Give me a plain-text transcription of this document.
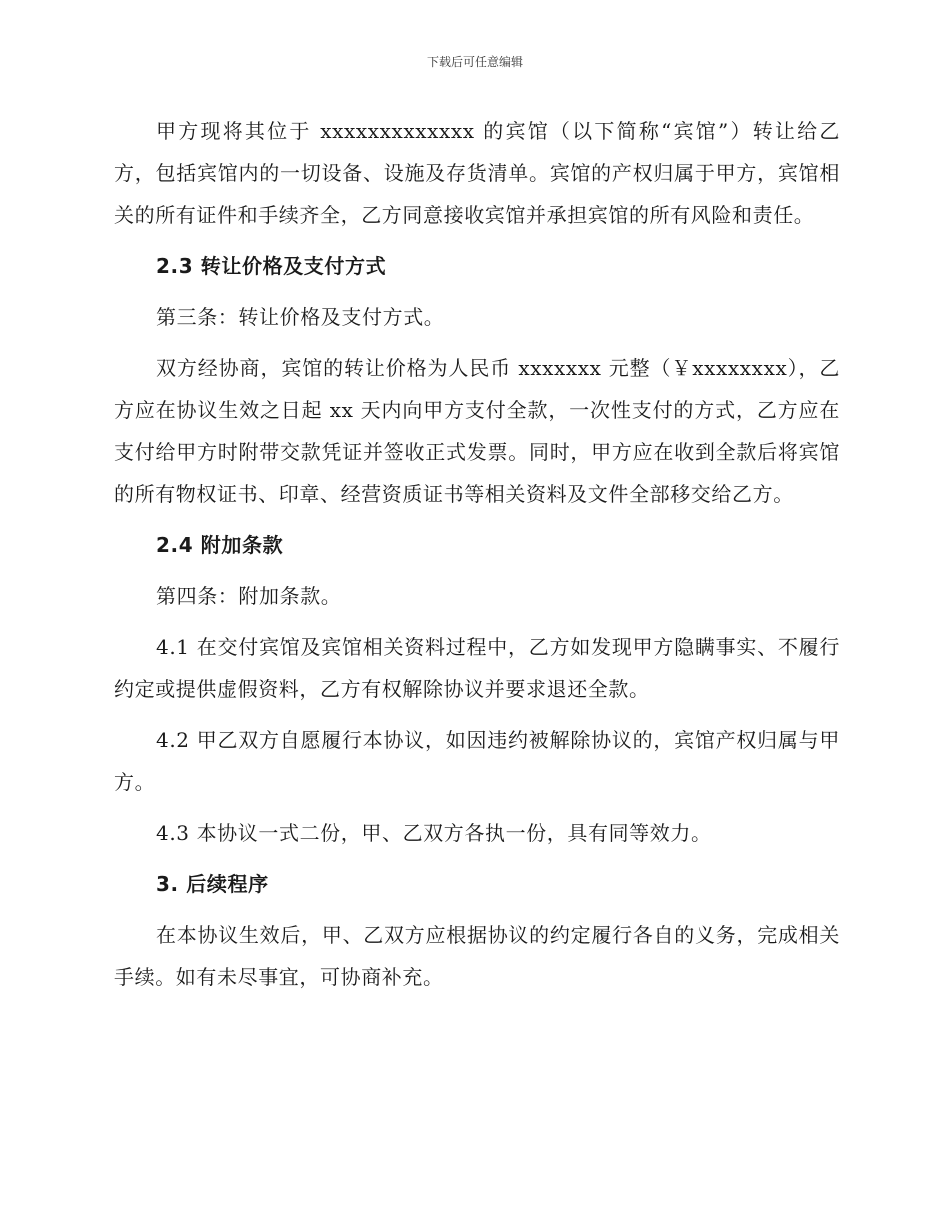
下载后可任意编辑

甲方现将其位于 xxxxxxxxxxxxx 的宾馆（以下简称“宾馆”）转让给乙方，包括宾馆内的一切设备、设施及存货清单。宾馆的产权归属于甲方，宾馆相关的所有证件和手续齐全，乙方同意接收宾馆并承担宾馆的所有风险和责任。

2.3 转让价格及支付方式

第三条：转让价格及支付方式。

双方经协商，宾馆的转让价格为人民币 xxxxxxx 元整（￥xxxxxxxx），乙方应在协议生效之日起 xx 天内向甲方支付全款，一次性支付的方式，乙方应在支付给甲方时附带交款凭证并签收正式发票。同时，甲方应在收到全款后将宾馆的所有物权证书、印章、经营资质证书等相关资料及文件全部移交给乙方。

2.4 附加条款

第四条：附加条款。

4.1 在交付宾馆及宾馆相关资料过程中，乙方如发现甲方隐瞒事实、不履行约定或提供虚假资料，乙方有权解除协议并要求退还全款。

4.2 甲乙双方自愿履行本协议，如因违约被解除协议的，宾馆产权归属与甲方。

4.3 本协议一式二份，甲、乙双方各执一份，具有同等效力。

3. 后续程序

在本协议生效后，甲、乙双方应根据协议的约定履行各自的义务，完成相关手续。如有未尽事宜，可协商补充。
